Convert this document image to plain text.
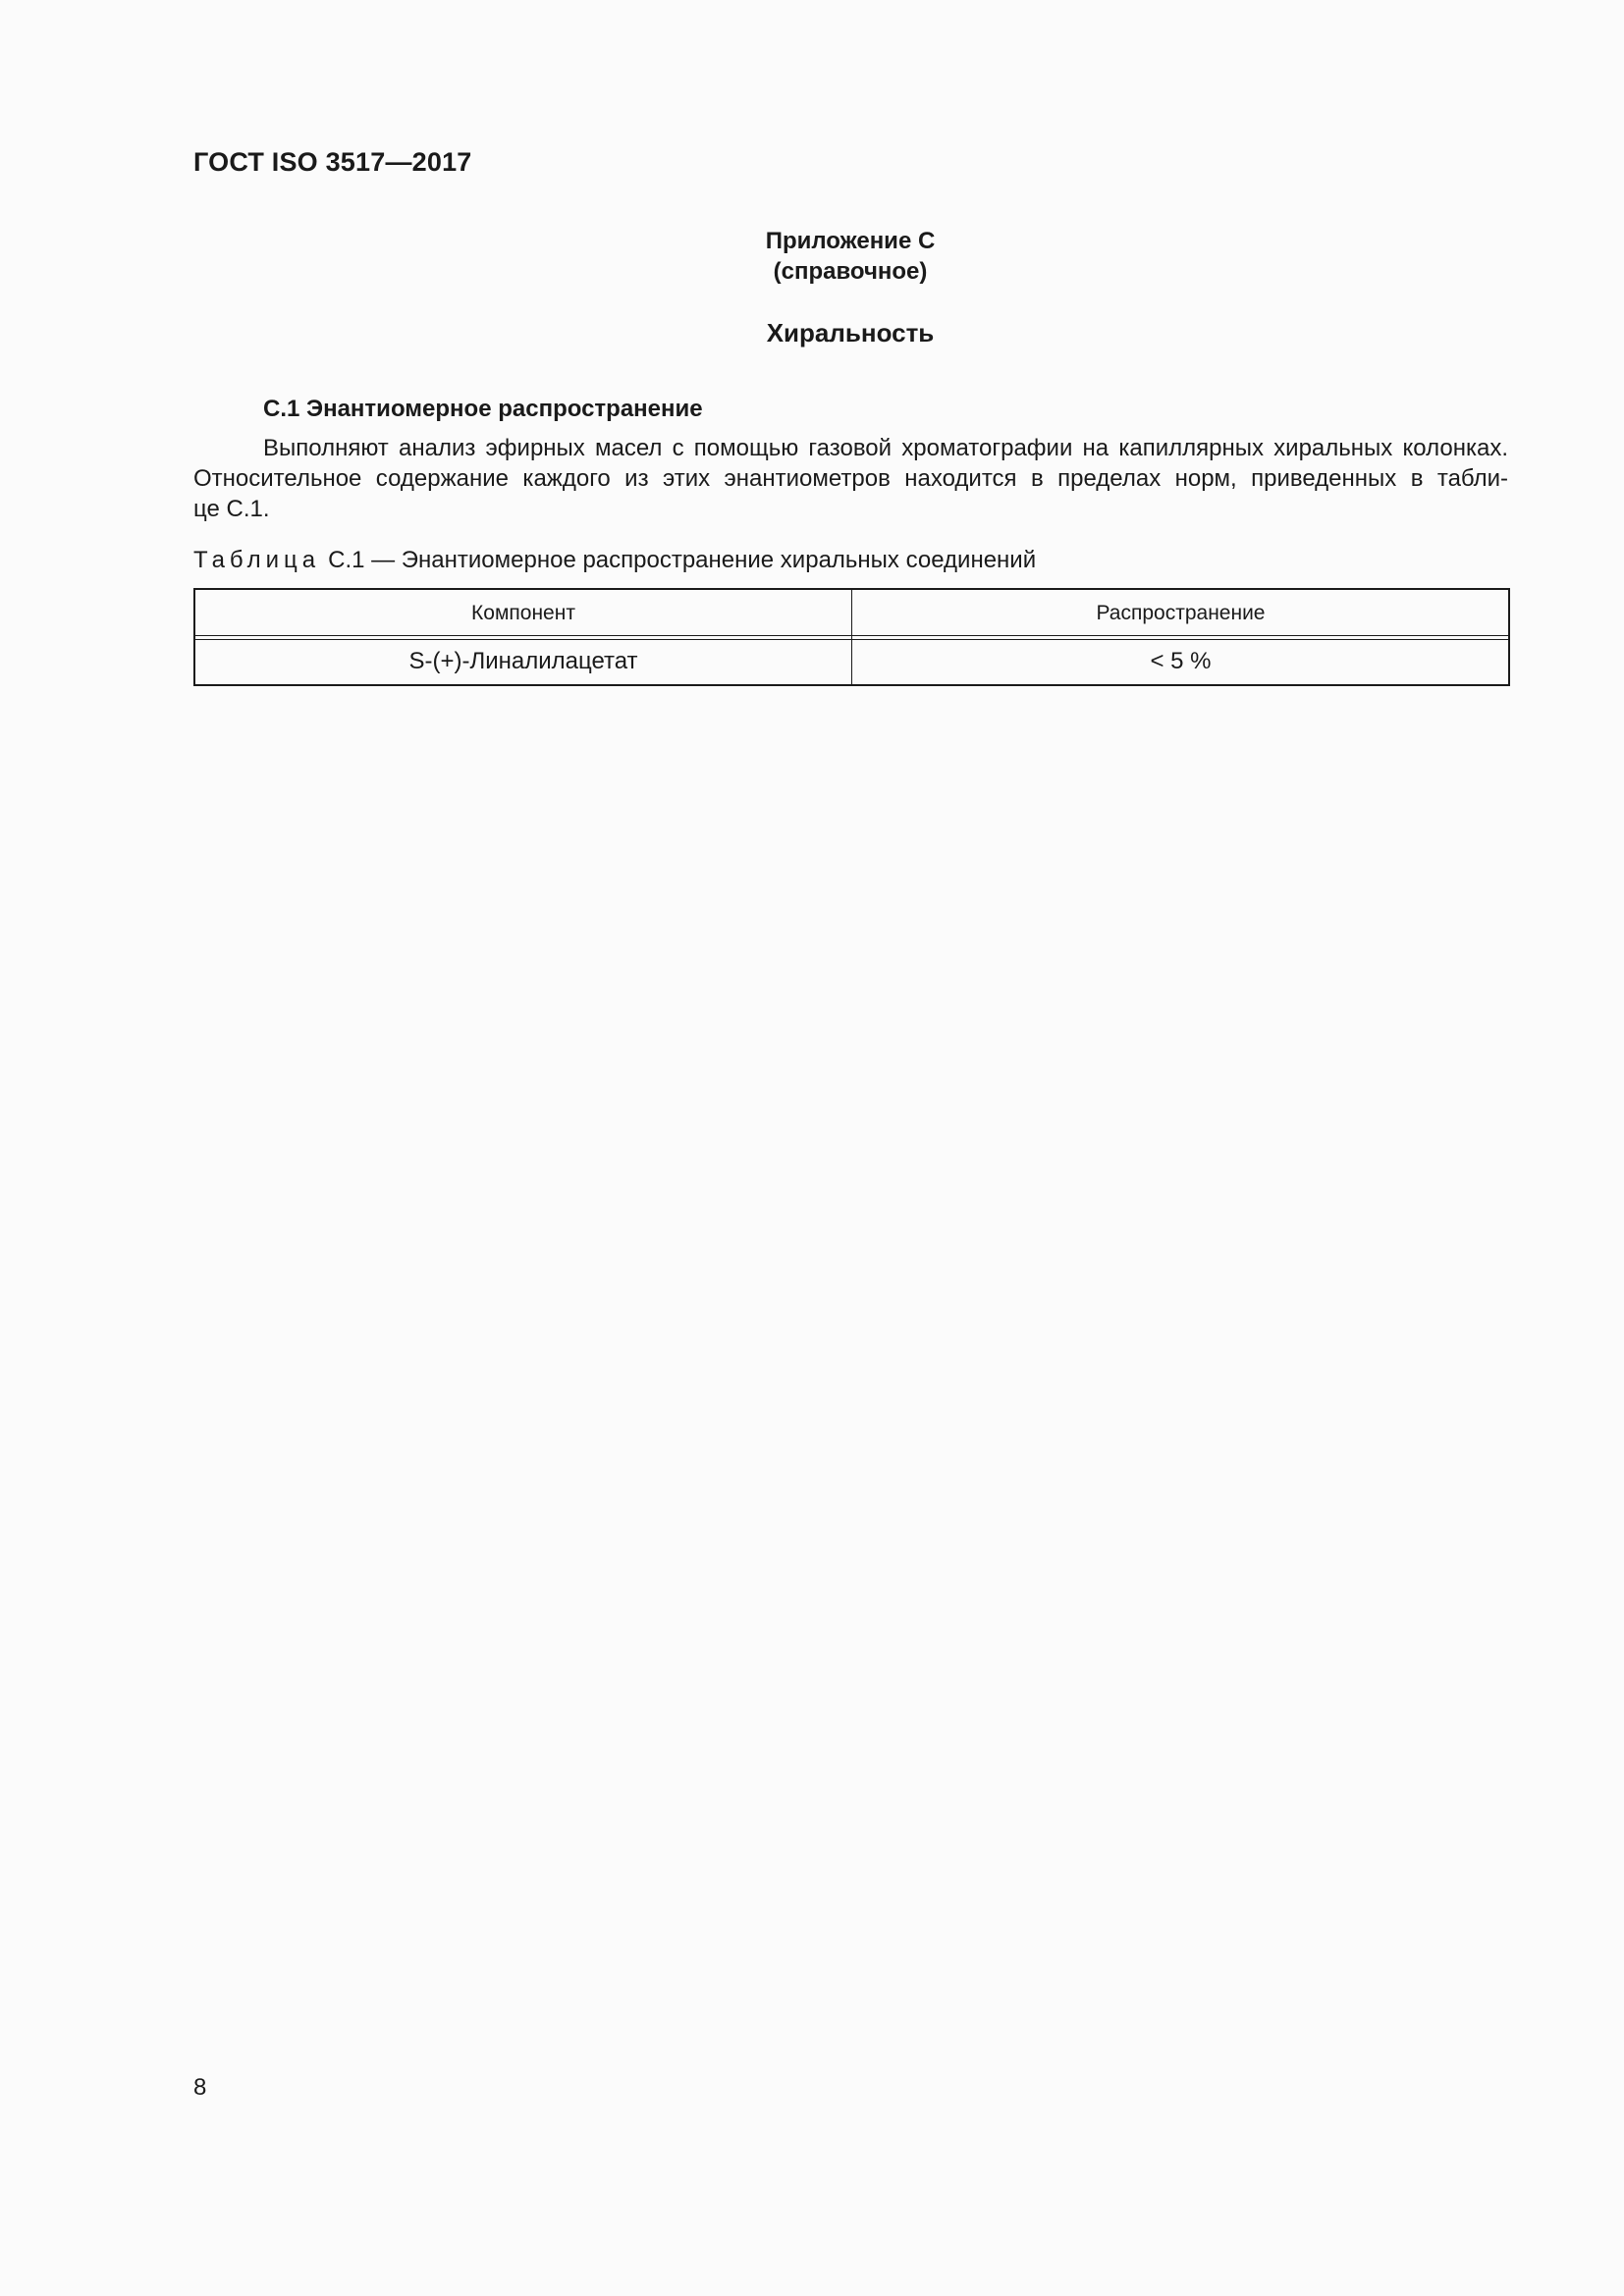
ГОСТ ISO 3517—2017
Приложение С
(справочное)
Хиральность
С.1 Энантиомерное распространение
Выполняют анализ эфирных масел с помощью газовой хроматографии на капиллярных хиральных колонках.
Относительное содержание каждого из этих энантиометров находится в пределах норм, приведенных в табли-
це С.1.
Таблица С.1 — Энантиомерное распространение хиральных соединений
Компонент	Распространение
S-(+)-Линалилацетат	< 5 %
8
